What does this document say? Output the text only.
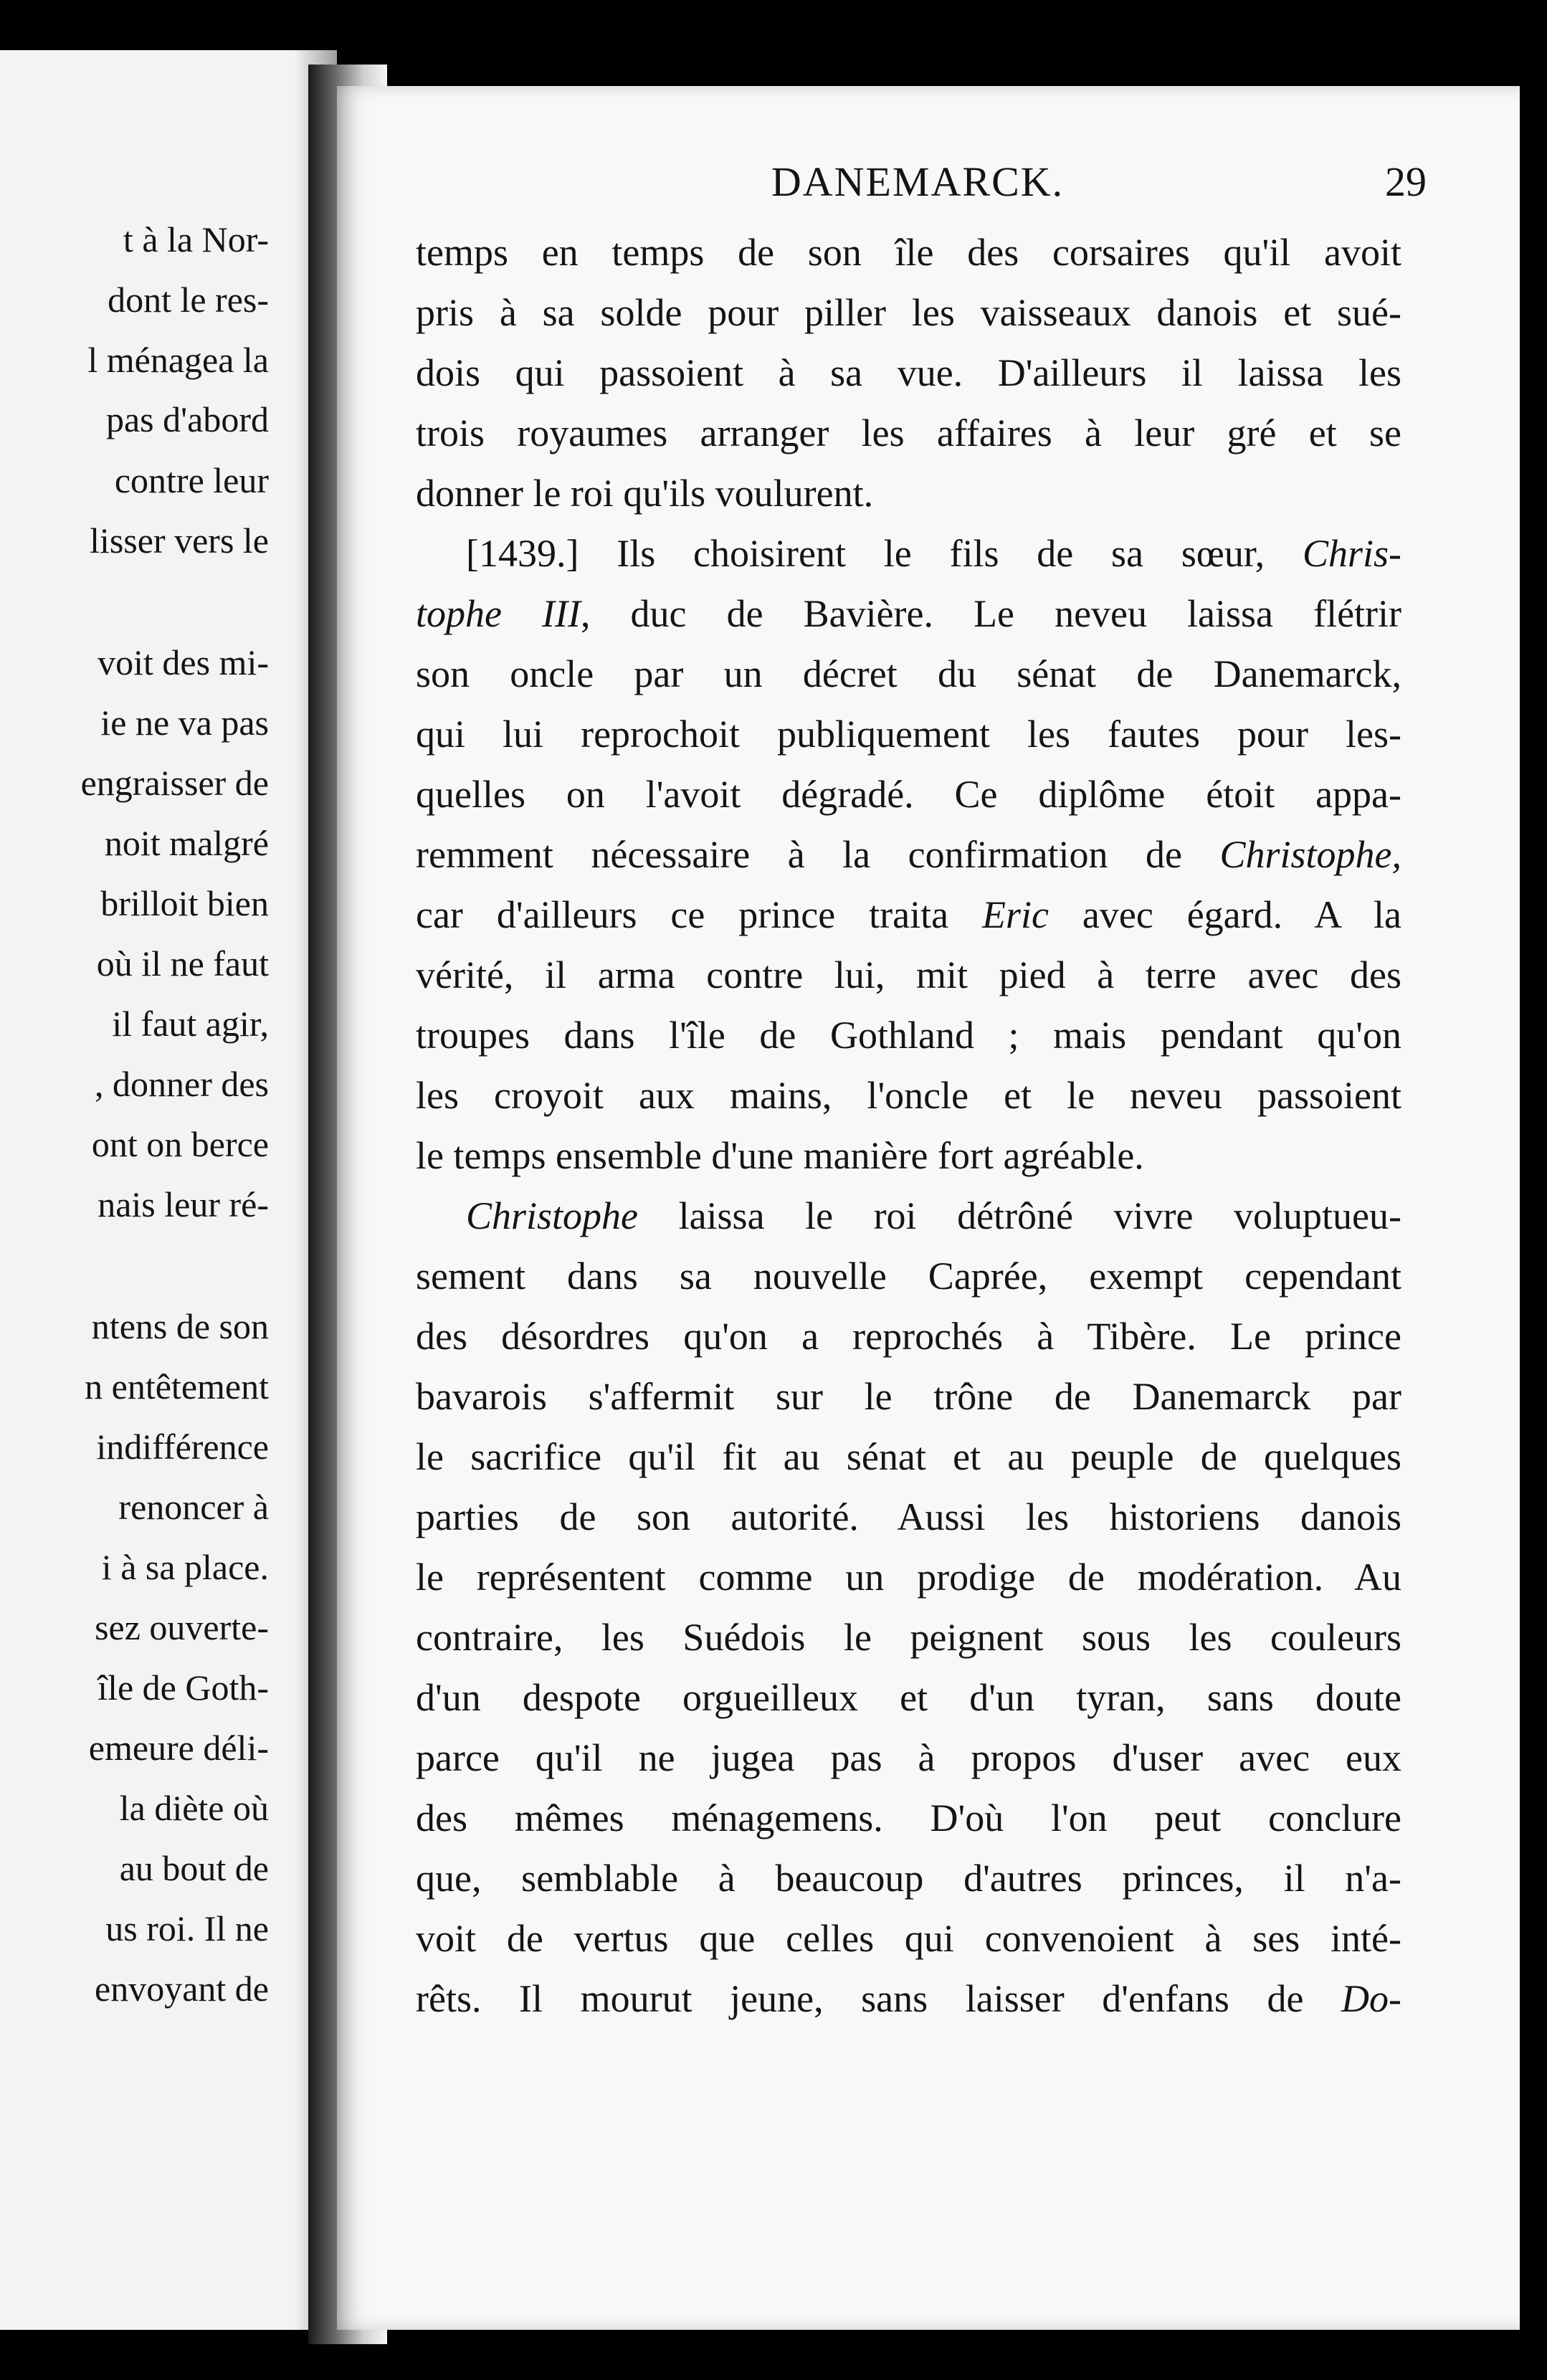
t à la Nor-
dont le res-
l ménagea la
pas d'abord
contre leur
lisser vers le
voit des mi-
ie ne va pas
engraisser de
noit malgré
brilloit bien
où il ne faut
il faut agir,
, donner des
ont on berce
nais leur ré-
ntens de son
n entêtement
indifférence
renoncer à
i à sa place.
sez ouverte-
île de Goth-
emeure déli-
la diète où
au bout de
us roi. Il ne
envoyant de
DANEMARCK.	29
temps en temps de son île des corsaires qu'il avoit
pris à sa solde pour piller les vaisseaux danois et sué-
dois qui passoient à sa vue. D'ailleurs il laissa les
trois royaumes arranger les affaires à leur gré et se
donner le roi qu'ils voulurent.
[1439.] Ils choisirent le fils de sa sœur, Chris-
tophe III, duc de Bavière. Le neveu laissa flétrir
son oncle par un décret du sénat de Danemarck,
qui lui reprochoit publiquement les fautes pour les-
quelles on l'avoit dégradé. Ce diplôme étoit appa-
remment nécessaire à la confirmation de Christophe,
car d'ailleurs ce prince traita Eric avec égard. A la
vérité, il arma contre lui, mit pied à terre avec des
troupes dans l'île de Gothland ; mais pendant qu'on
les croyoit aux mains, l'oncle et le neveu passoient
le temps ensemble d'une manière fort agréable.
Christophe laissa le roi détrôné vivre voluptueu-
sement dans sa nouvelle Caprée, exempt cependant
des désordres qu'on a reprochés à Tibère. Le prince
bavarois s'affermit sur le trône de Danemarck par
le sacrifice qu'il fit au sénat et au peuple de quelques
parties de son autorité. Aussi les historiens danois
le représentent comme un prodige de modération. Au
contraire, les Suédois le peignent sous les couleurs
d'un despote orgueilleux et d'un tyran, sans doute
parce qu'il ne jugea pas à propos d'user avec eux
des mêmes ménagemens. D'où l'on peut conclure
que, semblable à beaucoup d'autres princes, il n'a-
voit de vertus que celles qui convenoient à ses inté-
rêts. Il mourut jeune, sans laisser d'enfans de Do-
